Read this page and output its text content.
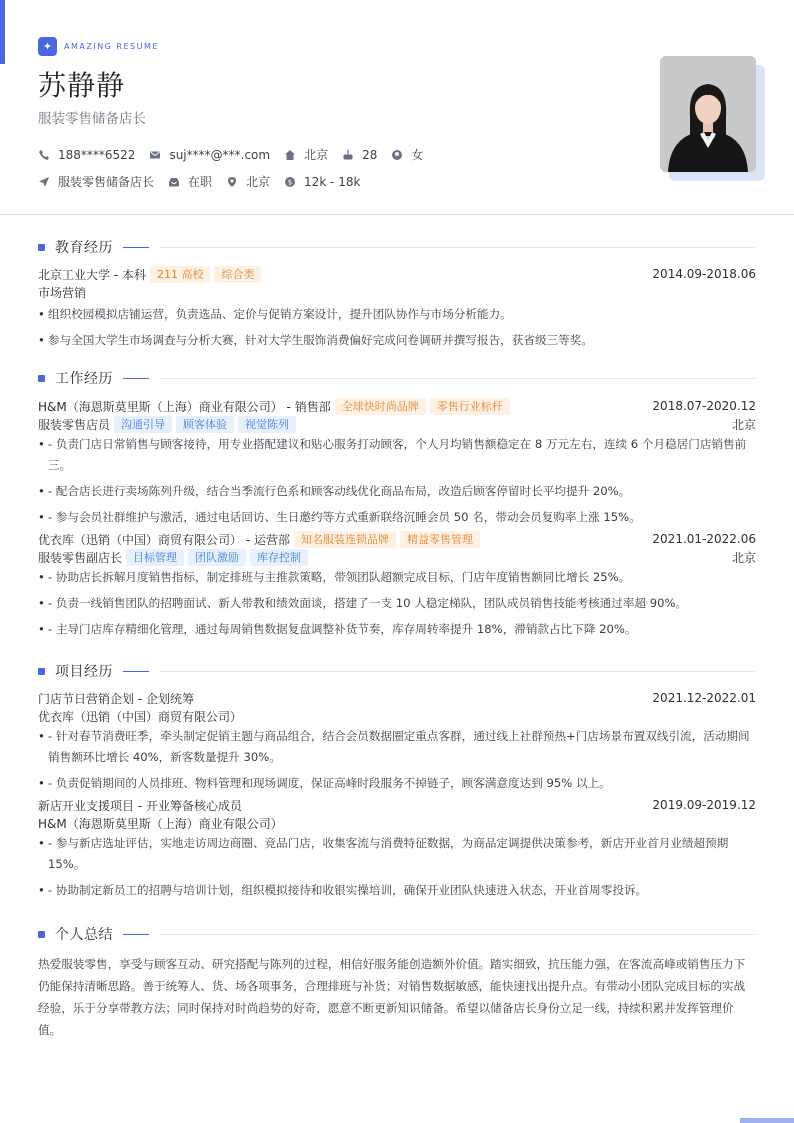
✦	AMAZING RESUME
苏静静
服装零售储备店长
188****6522	suj****@***.com	北京	28	女
服装零售储备店长	在职	北京	$ 12k - 18k
教育经历
北京工业大学 - 本科	211 高校	综合类	2014.09-2018.06
市场营销
• 组织校园模拟店铺运营，负责选品、定价与促销方案设计，提升团队协作与市场分析能力。
• 参与全国大学生市场调查与分析大赛，针对大学生服饰消费偏好完成问卷调研并撰写报告，获省级三等奖。
工作经历
H&M（海恩斯莫里斯（上海）商业有限公司） - 销售部	全球快时尚品牌	零售行业标杆	2018.07-2020.12
服装零售店员	沟通引导	顾客体验	视觉陈列	北京
• - 负责门店日常销售与顾客接待，用专业搭配建议和贴心服务打动顾客，个人月均销售额稳定在 8 万元左右，连续 6 个月稳居门店销售前三。
• - 配合店长进行卖场陈列升级，结合当季流行色系和顾客动线优化商品布局，改造后顾客停留时长平均提升 20%。
• - 参与会员社群维护与激活，通过电话回访、生日邀约等方式重新联络沉睡会员 50 名，带动会员复购率上涨 15%。
优衣库（迅销（中国）商贸有限公司） - 运营部	知名服装连锁品牌	精益零售管理	2021.01-2022.06
服装零售副店长	目标管理	团队激励	库存控制	北京
• - 协助店长拆解月度销售指标，制定排班与主推款策略，带领团队超额完成目标，门店年度销售额同比增长 25%。
• - 负责一线销售团队的招聘面试、新人带教和绩效面谈，搭建了一支 10 人稳定梯队，团队成员销售技能考核通过率超 90%。
• - 主导门店库存精细化管理，通过每周销售数据复盘调整补货节奏，库存周转率提升 18%，滞销款占比下降 20%。
项目经历
门店节日营销企划 - 企划统筹	2021.12-2022.01
优衣库（迅销（中国）商贸有限公司）
• - 针对春节消费旺季，牵头制定促销主题与商品组合，结合会员数据圈定重点客群，通过线上社群预热+门店场景布置双线引流，活动期间销售额环比增长 40%，新客数量提升 30%。
• - 负责促销期间的人员排班、物料管理和现场调度，保证高峰时段服务不掉链子，顾客满意度达到 95% 以上。
新店开业支援项目 - 开业筹备核心成员	2019.09-2019.12
H&M（海恩斯莫里斯（上海）商业有限公司）
• - 参与新店选址评估，实地走访周边商圈、竞品门店，收集客流与消费特征数据，为商品定调提供决策参考，新店开业首月业绩超预期 15%。
• - 协助制定新员工的招聘与培训计划，组织模拟接待和收银实操培训，确保开业团队快速进入状态，开业首周零投诉。
个人总结

热爱服装零售，享受与顾客互动、研究搭配与陈列的过程，相信好服务能创造额外价值。踏实细致，抗压能力强，在客流高峰或销售压力下仍能保持清晰思路。善于统筹人、货、场各项事务，合理排班与补货；对销售数据敏感，能快速找出提升点。有带动小团队完成目标的实战经验，乐于分享带教方法；同时保持对时尚趋势的好奇，愿意不断更新知识储备。希望以储备店长身份立足一线，持续积累并发挥管理价值。
